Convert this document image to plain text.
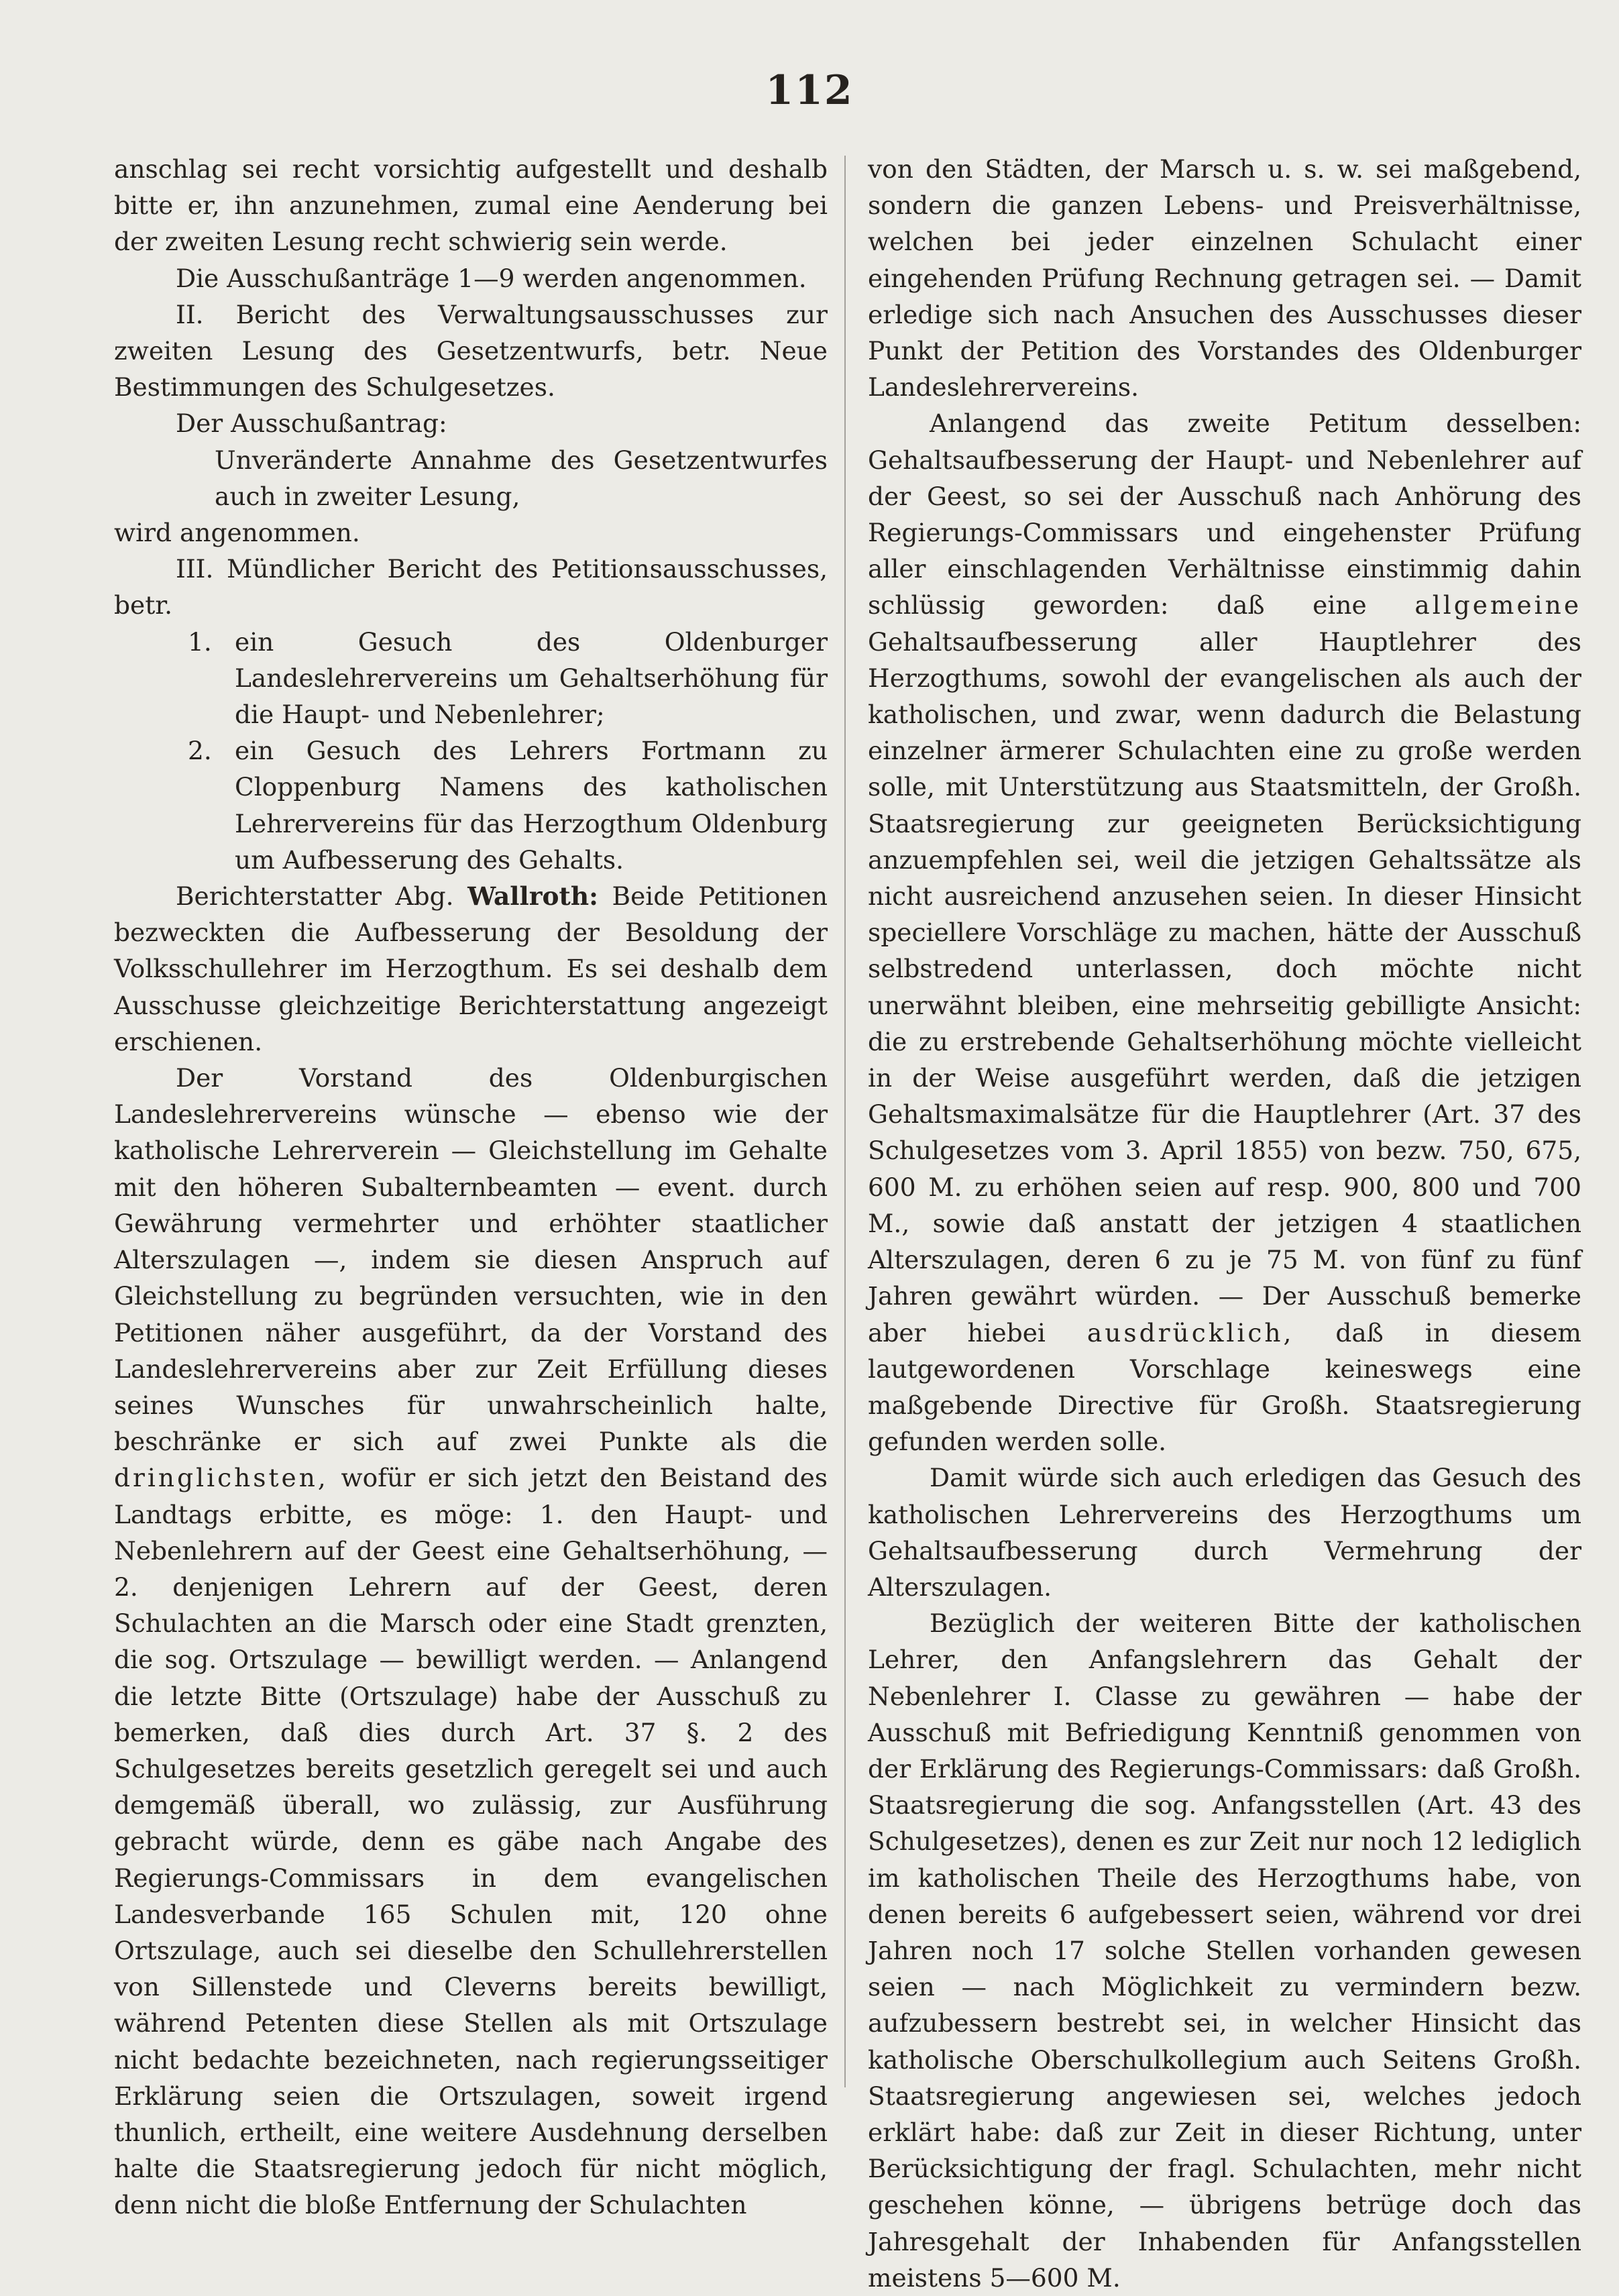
112

anschlag sei recht vorsichtig aufgestellt und deshalb bitte er, ihn anzunehmen, zumal eine Aenderung bei der zweiten Lesung recht schwierig sein werde.

Die Ausschußanträge 1—9 werden angenommen.

II. Bericht des Verwaltungsausschusses zur zweiten Lesung des Gesetzentwurfs, betr. Neue Bestimmungen des Schulgesetzes.

Der Ausschußantrag:

Unveränderte Annahme des Gesetzentwurfes auch in zweiter Lesung,

wird angenommen.

III. Mündlicher Bericht des Petitionsausschusses, betr.

1. ein Gesuch des Oldenburger Landeslehrervereins um Gehaltserhöhung für die Haupt- und Nebenlehrer;

2. ein Gesuch des Lehrers Fortmann zu Cloppenburg Namens des katholischen Lehrervereins für das Herzogthum Oldenburg um Aufbesserung des Gehalts.

Berichterstatter Abg. Wallroth: Beide Petitionen bezweckten die Aufbesserung der Besoldung der Volksschullehrer im Herzogthum. Es sei deshalb dem Ausschusse gleichzeitige Berichterstattung angezeigt erschienen.

Der Vorstand des Oldenburgischen Landeslehrervereins wünsche — ebenso wie der katholische Lehrerverein — Gleichstellung im Gehalte mit den höheren Subalternbeamten — event. durch Gewährung vermehrter und erhöhter staatlicher Alterszulagen —, indem sie diesen Anspruch auf Gleichstellung zu begründen versuchten, wie in den Petitionen näher ausgeführt, da der Vorstand des Landeslehrervereins aber zur Zeit Erfüllung dieses seines Wunsches für unwahrscheinlich halte, beschränke er sich auf zwei Punkte als die dringlichsten, wofür er sich jetzt den Beistand des Landtags erbitte, es möge: 1. den Haupt- und Nebenlehrern auf der Geest eine Gehaltserhöhung, — 2. denjenigen Lehrern auf der Geest, deren Schulachten an die Marsch oder eine Stadt grenzten, die sog. Ortszulage — bewilligt werden. — Anlangend die letzte Bitte (Ortszulage) habe der Ausschuß zu bemerken, daß dies durch Art. 37 §. 2 des Schulgesetzes bereits gesetzlich geregelt sei und auch demgemäß überall, wo zulässig, zur Ausführung gebracht würde, denn es gäbe nach Angabe des Regierungs-Commissars in dem evangelischen Landesverbande 165 Schulen mit, 120 ohne Ortszulage, auch sei dieselbe den Schullehrerstellen von Sillenstede und Cleverns bereits bewilligt, während Petenten diese Stellen als mit Ortszulage nicht bedachte bezeichneten, nach regierungsseitiger Erklärung seien die Ortszulagen, soweit irgend thunlich, ertheilt, eine weitere Ausdehnung derselben halte die Staatsregierung jedoch für nicht möglich, denn nicht die bloße Entfernung der Schulachten

von den Städten, der Marsch u. s. w. sei maßgebend, sondern die ganzen Lebens- und Preisverhältnisse, welchen bei jeder einzelnen Schulacht einer eingehenden Prüfung Rechnung getragen sei. — Damit erledige sich nach Ansuchen des Ausschusses dieser Punkt der Petition des Vorstandes des Oldenburger Landeslehrervereins.

Anlangend das zweite Petitum desselben: Gehaltsaufbesserung der Haupt- und Nebenlehrer auf der Geest, so sei der Ausschuß nach Anhörung des Regierungs-Commissars und eingehenster Prüfung aller einschlagenden Verhältnisse einstimmig dahin schlüssig geworden: daß eine allgemeine Gehaltsaufbesserung aller Hauptlehrer des Herzogthums, sowohl der evangelischen als auch der katholischen, und zwar, wenn dadurch die Belastung einzelner ärmerer Schulachten eine zu große werden solle, mit Unterstützung aus Staatsmitteln, der Großh. Staatsregierung zur geeigneten Berücksichtigung anzuempfehlen sei, weil die jetzigen Gehaltssätze als nicht ausreichend anzusehen seien. In dieser Hinsicht speciellere Vorschläge zu machen, hätte der Ausschuß selbstredend unterlassen, doch möchte nicht unerwähnt bleiben, eine mehrseitig gebilligte Ansicht: die zu erstrebende Gehaltserhöhung möchte vielleicht in der Weise ausgeführt werden, daß die jetzigen Gehaltsmaximalsätze für die Hauptlehrer (Art. 37 des Schulgesetzes vom 3. April 1855) von bezw. 750, 675, 600 M. zu erhöhen seien auf resp. 900, 800 und 700 M., sowie daß anstatt der jetzigen 4 staatlichen Alterszulagen, deren 6 zu je 75 M. von fünf zu fünf Jahren gewährt würden. — Der Ausschuß bemerke aber hiebei ausdrücklich, daß in diesem lautgewordenen Vorschlage keineswegs eine maßgebende Directive für Großh. Staatsregierung gefunden werden solle.

Damit würde sich auch erledigen das Gesuch des katholischen Lehrervereins des Herzogthums um Gehaltsaufbesserung durch Vermehrung der Alterszulagen.

Bezüglich der weiteren Bitte der katholischen Lehrer, den Anfangslehrern das Gehalt der Nebenlehrer I. Classe zu gewähren — habe der Ausschuß mit Befriedigung Kenntniß genommen von der Erklärung des Regierungs-Commissars: daß Großh. Staatsregierung die sog. Anfangsstellen (Art. 43 des Schulgesetzes), denen es zur Zeit nur noch 12 lediglich im katholischen Theile des Herzogthums habe, von denen bereits 6 aufgebessert seien, während vor drei Jahren noch 17 solche Stellen vorhanden gewesen seien — nach Möglichkeit zu vermindern bezw. aufzubessern bestrebt sei, in welcher Hinsicht das katholische Oberschulkollegium auch Seitens Großh. Staatsregierung angewiesen sei, welches jedoch erklärt habe: daß zur Zeit in dieser Richtung, unter Berücksichtigung der fragl. Schulachten, mehr nicht geschehen könne, — übrigens betrüge doch das Jahresgehalt der Inhabenden für Anfangsstellen meistens 5—600 M.
